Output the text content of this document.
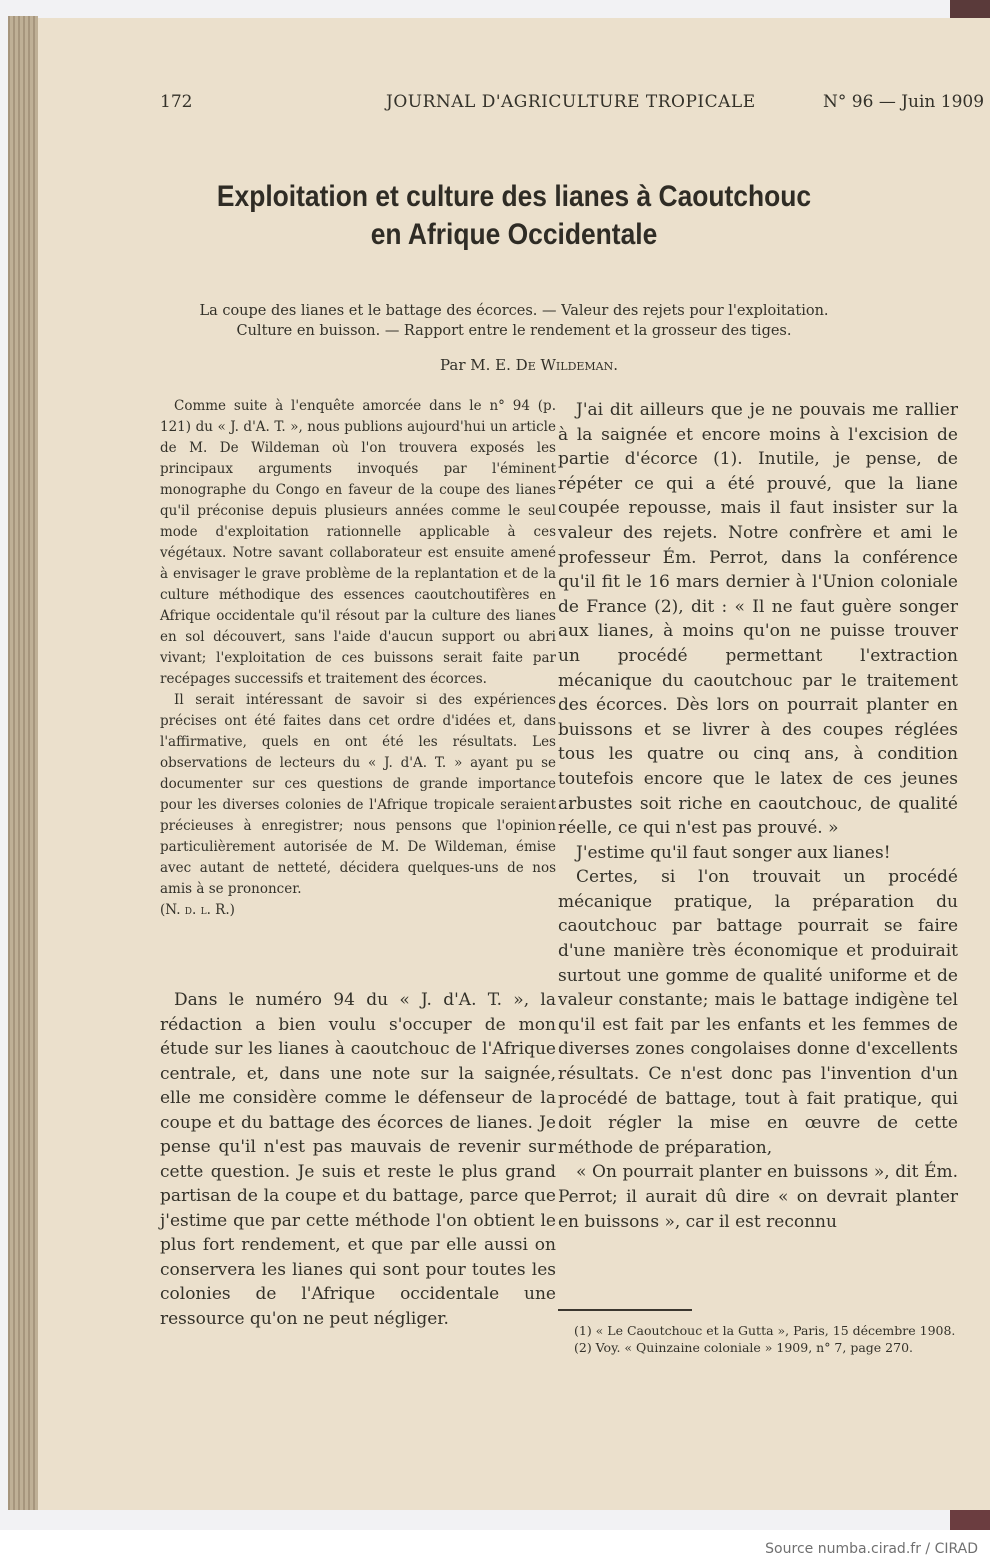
172	JOURNAL D'AGRICULTURE TROPICALE	N° 96 — Juin 1909
Exploitation et culture des lianes à Caoutchouc
en Afrique Occidentale
La coupe des lianes et le battage des écorces. — Valeur des rejets pour l'exploitation.
Culture en buisson. — Rapport entre le rendement et la grosseur des tiges.
Par M. E. De Wildeman.

Comme suite à l'enquête amorcée dans le n° 94 (p. 121) du « J. d'A. T. », nous publions aujourd'hui un article de M. De Wildeman où l'on trouvera exposés les principaux arguments invoqués par l'éminent monographe du Congo en faveur de la coupe des lianes qu'il préconise depuis plusieurs années comme le seul mode d'exploitation rationnelle applicable à ces végétaux. Notre savant collaborateur est ensuite amené à envisager le grave problème de la replantation et de la culture méthodique des essences caoutchoutifères en Afrique occidentale qu'il résout par la culture des lianes en sol découvert, sans l'aide d'aucun support ou abri vivant; l'exploitation de ces buissons serait faite par recépages successifs et traitement des écorces.

Il serait intéressant de savoir si des expériences précises ont été faites dans cet ordre d'idées et, dans l'affirmative, quels en ont été les résultats. Les observations de lecteurs du « J. d'A. T. » ayant pu se documenter sur ces questions de grande importance pour les diverses colonies de l'Afrique tropicale seraient précieuses à enregistrer; nous pensons que l'opinion particulièrement autorisée de M. De Wildeman, émise avec autant de netteté, décidera quelques-uns de nos amis à se prononcer.

(N. d. l. R.)

Dans le numéro 94 du « J. d'A. T. », la rédaction a bien voulu s'occuper de mon étude sur les lianes à caoutchouc de l'Afrique centrale, et, dans une note sur la saignée, elle me considère comme le défenseur de la coupe et du battage des écorces de lianes. Je pense qu'il n'est pas mauvais de revenir sur cette question. Je suis et reste le plus grand partisan de la coupe et du battage, parce que j'estime que par cette méthode l'on obtient le plus fort rendement, et que par elle aussi on conservera les lianes qui sont pour toutes les colonies de l'Afrique occidentale une ressource qu'on ne peut négliger.

J'ai dit ailleurs que je ne pouvais me rallier à la saignée et encore moins à l'excision de partie d'écorce (1). Inutile, je pense, de répéter ce qui a été prouvé, que la liane coupée repousse, mais il faut insister sur la valeur des rejets. Notre confrère et ami le professeur Ém. Perrot, dans la conférence qu'il fit le 16 mars dernier à l'Union coloniale de France (2), dit : « Il ne faut guère songer aux lianes, à moins qu'on ne puisse trouver un procédé permettant l'extraction mécanique du caoutchouc par le traitement des écorces. Dès lors on pourrait planter en buissons et se livrer à des coupes réglées tous les quatre ou cinq ans, à condition toutefois encore que le latex de ces jeunes arbustes soit riche en caoutchouc, de qualité réelle, ce qui n'est pas prouvé. »

J'estime qu'il faut songer aux lianes!

Certes, si l'on trouvait un procédé mécanique pratique, la préparation du caoutchouc par battage pourrait se faire d'une manière très économique et produirait surtout une gomme de qualité uniforme et de valeur constante; mais le battage indigène tel qu'il est fait par les enfants et les femmes de diverses zones congolaises donne d'excellents résultats. Ce n'est donc pas l'invention d'un procédé de battage, tout à fait pratique, qui doit régler la mise en œuvre de cette méthode de préparation,

« On pourrait planter en buissons », dit Ém. Perrot; il aurait dû dire « on devrait planter en buissons », car il est reconnu

(1) « Le Caoutchouc et la Gutta », Paris, 15 décembre 1908.

(2) Voy. « Quinzaine coloniale » 1909, n° 7, page 270.

Source numba.cirad.fr / CIRAD
